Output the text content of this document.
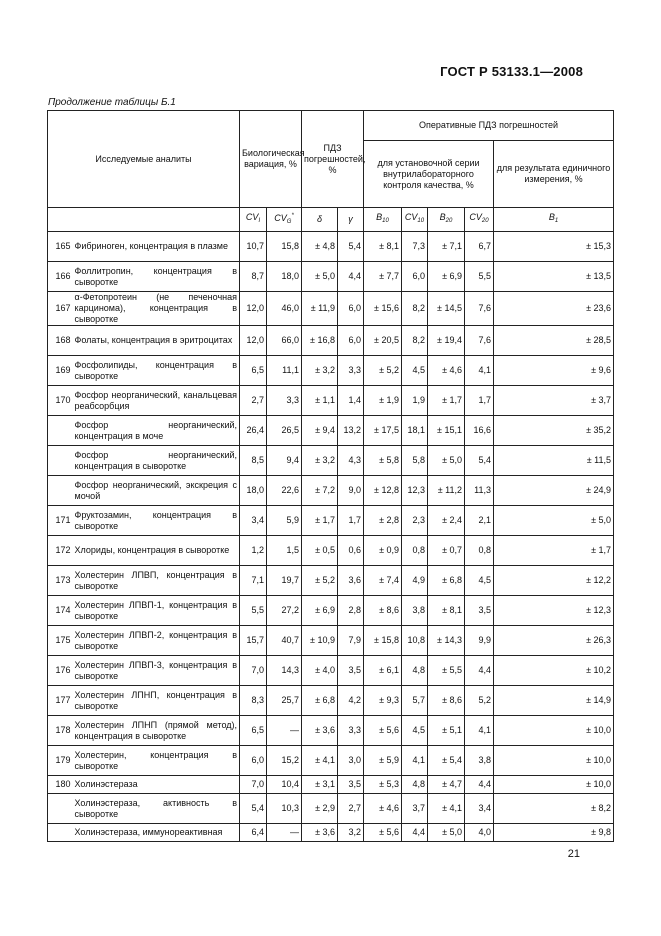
ГОСТ Р 53133.1—2008
Продолжение таблицы Б.1
Исследуемые аналиты		Биологическая вариация, %		ПДЗ погрешностей, %		Оперативные ПДЗ погрешностей				
						для установочной серии внутрилабораторного контроля качества, %				для результата единичного измерения, %
		$CV_I$	$CV_G^*$	δ	γ	$B_{10}$	$CV_{10}$	$B_{20}$	$CV_{20}$	$B_1$
165	Фибриноген, концентрация в плазме	10,7	15,8	± 4,8	5,4	± 8,1	7,3	± 7,1	6,7	± 15,3
166	Фоллитропин, концентрация в сыворотке	8,7	18,0	± 5,0	4,4	± 7,7	6,0	± 6,9	5,5	± 13,5
167	α-Фетопротеин (не печеночная карцинома), концентрация в сыворотке	12,0	46,0	± 11,9	6,0	± 15,6	8,2	± 14,5	7,6	± 23,6
168	Фолаты, концентрация в эритроцитах	12,0	66,0	± 16,8	6,0	± 20,5	8,2	± 19,4	7,6	± 28,5
169	Фосфолипиды, концентрация в сыворотке	6,5	11,1	± 3,2	3,3	± 5,2	4,5	± 4,6	4,1	± 9,6
170	Фосфор неорганический, канальцевая реабсорбция	2,7	3,3	± 1,1	1,4	± 1,9	1,9	± 1,7	1,7	± 3,7
	Фосфор неорганический, концентрация в моче	26,4	26,5	± 9,4	13,2	± 17,5	18,1	± 15,1	16,6	± 35,2
	Фосфор неорганический, концентрация в сыворотке	8,5	9,4	± 3,2	4,3	± 5,8	5,8	± 5,0	5,4	± 11,5
	Фосфор неорганический, экскреция с мочой	18,0	22,6	± 7,2	9,0	± 12,8	12,3	± 11,2	11,3	± 24,9
171	Фруктозамин, концентрация в сыворотке	3,4	5,9	± 1,7	1,7	± 2,8	2,3	± 2,4	2,1	± 5,0
172	Хлориды, концентрация в сыворотке	1,2	1,5	± 0,5	0,6	± 0,9	0,8	± 0,7	0,8	± 1,7
173	Холестерин ЛПВП, концентрация в сыворотке	7,1	19,7	± 5,2	3,6	± 7,4	4,9	± 6,8	4,5	± 12,2
174	Холестерин ЛПВП-1, концентрация в сыворотке	5,5	27,2	± 6,9	2,8	± 8,6	3,8	± 8,1	3,5	± 12,3
175	Холестерин ЛПВП-2, концентрация в сыворотке	15,7	40,7	± 10,9	7,9	± 15,8	10,8	± 14,3	9,9	± 26,3
176	Холестерин ЛПВП-3, концентрация в сыворотке	7,0	14,3	± 4,0	3,5	± 6,1	4,8	± 5,5	4,4	± 10,2
177	Холестерин ЛПНП, концентрация в сыворотке	8,3	25,7	± 6,8	4,2	± 9,3	5,7	± 8,6	5,2	± 14,9
178	Холестерин ЛПНП (прямой метод), концентрация в сыворотке	6,5	—	± 3,6	3,3	± 5,6	4,5	± 5,1	4,1	± 10,0
179	Холестерин, концентрация в сыворотке	6,0	15,2	± 4,1	3,0	± 5,9	4,1	± 5,4	3,8	± 10,0
180	Холинэстераза	7,0	10,4	± 3,1	3,5	± 5,3	4,8	± 4,7	4,4	± 10,0
	Холинэстераза, активность в сыворотке	5,4	10,3	± 2,9	2,7	± 4,6	3,7	± 4,1	3,4	± 8,2
	Холинэстераза, иммунореактивная	6,4	—	± 3,6	3,2	± 5,6	4,4	± 5,0	4,0	± 9,8
21
